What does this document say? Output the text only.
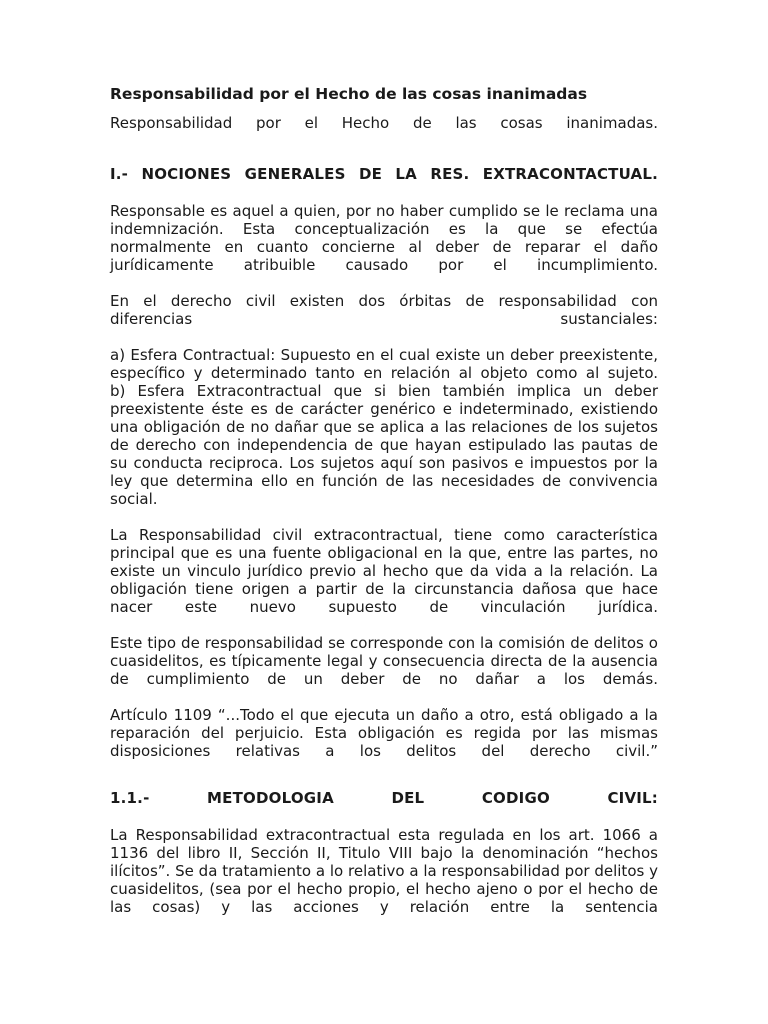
Responsabilidad por el Hecho de las cosas inanimadas

Responsabilidad por el Hecho de las cosas inanimadas.

I.- NOCIONES GENERALES DE LA RES. EXTRACONTACTUAL.

Responsable es aquel a quien, por no haber cumplido se le reclama una indemnización. Esta conceptualización es la que se efectúa normalmente en cuanto concierne al deber de reparar el daño jurídicamente atribuible causado por el incumplimiento.

En el derecho civil existen dos órbitas de responsabilidad con diferencias sustanciales:

a) Esfera Contractual: Supuesto en el cual existe un deber preexistente, específico y determinado tanto en relación al objeto como al sujeto.

b) Esfera Extracontractual que si bien también implica un deber preexistente éste es de carácter genérico e indeterminado, existiendo una obligación de no dañar que se aplica a las relaciones de los sujetos de derecho con independencia de que hayan estipulado las pautas de su conducta reciproca. Los sujetos aquí son pasivos e impuestos por la ley que determina ello en función de las necesidades de convivencia social.

La Responsabilidad civil extracontractual, tiene como característica principal que es una fuente obligacional en la que, entre las partes, no existe un vinculo jurídico previo al hecho que da vida a la relación. La obligación tiene origen a partir de la circunstancia dañosa que hace nacer este nuevo supuesto de vinculación jurídica.

Este tipo de responsabilidad se corresponde con la comisión de delitos o cuasidelitos, es típicamente legal y consecuencia directa de la ausencia de cumplimiento de un deber de no dañar a los demás.

Artículo 1109 “...Todo el que ejecuta un daño a otro, está obligado a la reparación del perjuicio. Esta obligación es regida por las mismas disposiciones relativas a los delitos del derecho civil.”

1.1.- METODOLOGIA DEL CODIGO CIVIL:

La Responsabilidad extracontractual esta regulada en los art. 1066 a 1136 del libro II, Sección II, Titulo VIII bajo la denominación “hechos ilícitos”. Se da tratamiento a lo relativo a la responsabilidad por delitos y cuasidelitos, (sea por el hecho propio, el hecho ajeno o por el hecho de las cosas) y las acciones y relación entre la sentencia
